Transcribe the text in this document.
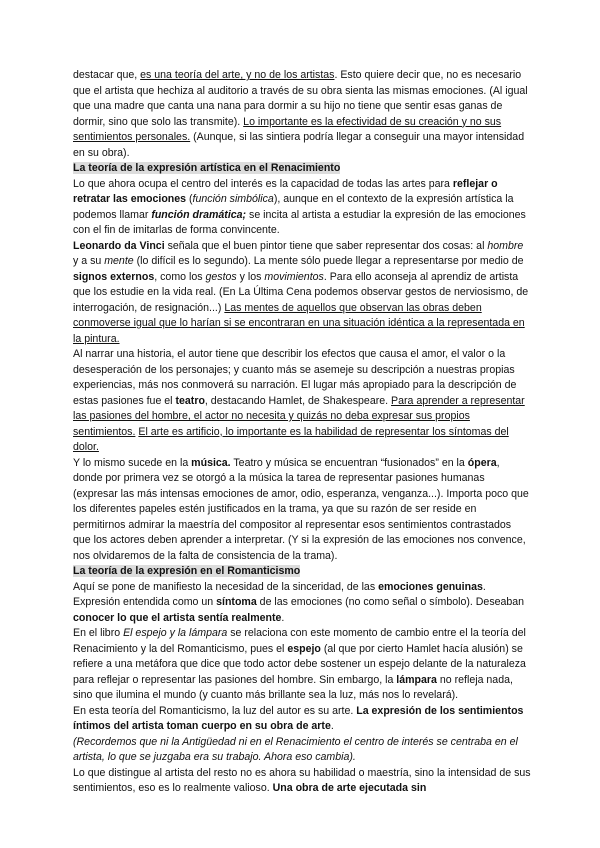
destacar que, es una teoría del arte, y no de los artistas. Esto quiere decir que, no es necesario que el artista que hechiza al auditorio a través de su obra sienta las mismas emociones. (Al igual que una madre que canta una nana para dormir a su hijo no tiene que sentir esas ganas de dormir, sino que solo las transmite). Lo importante es la efectividad de su creación y no sus sentimientos personales. (Aunque, si las sintiera podría llegar a conseguir una mayor intensidad en su obra).

La teoría de la expresión artística en el Renacimiento

Lo que ahora ocupa el centro del interés es la capacidad de todas las artes para reflejar o retratar las emociones (función simbólica), aunque en el contexto de la expresión artística la podemos llamar función dramática; se incita al artista a estudiar la expresión de las emociones con el fin de imitarlas de forma convincente.

Leonardo da Vinci señala que el buen pintor tiene que saber representar dos cosas: al hombre y a su mente (lo difícil es lo segundo). La mente sólo puede llegar a representarse por medio de signos externos, como los gestos y los movimientos. Para ello aconseja al aprendiz de artista que los estudie en la vida real. (En La Última Cena podemos observar gestos de nerviosismo, de interrogación, de resignación...) Las mentes de aquellos que observan las obras deben conmoverse igual que lo harían si se encontraran en una situación idéntica a la representada en la pintura.

Al narrar una historia, el autor tiene que describir los efectos que causa el amor, el valor o la desesperación de los personajes; y cuanto más se asemeje su descripción a nuestras propias experiencias, más nos conmoverá su narración. El lugar más apropiado para la descripción de estas pasiones fue el teatro, destacando Hamlet, de Shakespeare. Para aprender a representar las pasiones del hombre, el actor no necesita y quizás no deba expresar sus propios sentimientos. El arte es artificio, lo importante es la habilidad de representar los síntomas del dolor.

Y lo mismo sucede en la música. Teatro y música se encuentran “fusionados” en la ópera, donde por primera vez se otorgó a la música la tarea de representar pasiones humanas (expresar las más intensas emociones de amor, odio, esperanza, venganza...). Importa poco que los diferentes papeles estén justificados en la trama, ya que su razón de ser reside en permitirnos admirar la maestría del compositor al representar esos sentimientos contrastados que los actores deben aprender a interpretar. (Y si la expresión de las emociones nos convence, nos olvidaremos de la falta de consistencia de la trama).

La teoría de la expresión en el Romanticismo

Aquí se pone de manifiesto la necesidad de la sinceridad, de las emociones genuinas. Expresión entendida como un síntoma de las emociones (no como señal o símbolo). Deseaban conocer lo que el artista sentía realmente.

En el libro El espejo y la lámpara se relaciona con este momento de cambio entre el la teoría del Renacimiento y la del Romanticismo, pues el espejo (al que por cierto Hamlet hacía alusión) se refiere a una metáfora que dice que todo actor debe sostener un espejo delante de la naturaleza para reflejar o representar las pasiones del hombre. Sin embargo, la lámpara no refleja nada, sino que ilumina el mundo (y cuanto más brillante sea la luz, más nos lo revelará).

En esta teoría del Romanticismo, la luz del autor es su arte. La expresión de los sentimientos íntimos del artista toman cuerpo en su obra de arte.

(Recordemos que ni la Antigüedad ni en el Renacimiento el centro de interés se centraba en el artista, lo que se juzgaba era su trabajo. Ahora eso cambia).

Lo que distingue al artista del resto no es ahora su habilidad o maestría, sino la intensidad de sus sentimientos, eso es lo realmente valioso. Una obra de arte ejecutada sin
